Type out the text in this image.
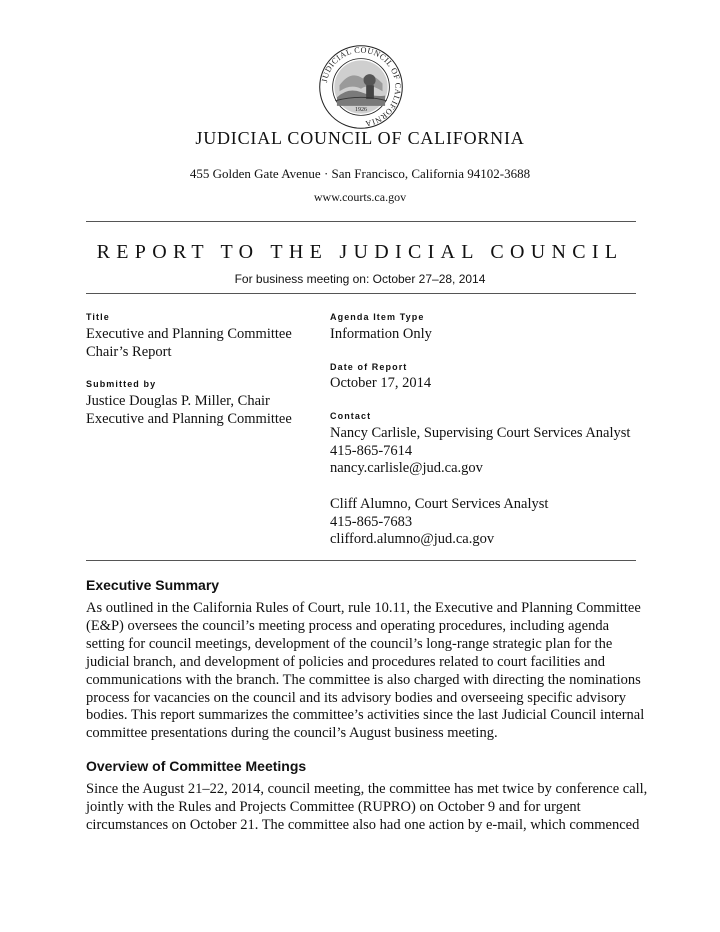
JUDICIAL COUNCIL OF CALIFORNIA
1926
JUDICIAL COUNCIL OF CALIFORNIA
455 Golden Gate Avenue · San Francisco, California 94102-3688
www.courts.ca.gov
REPORT TO THE JUDICIAL COUNCIL
For business meeting on: October 27–28, 2014
Title
Executive and Planning Committee
Chair’s Report
Submitted by
Justice Douglas P. Miller, Chair
Executive and Planning Committee
Agenda Item Type
Information Only
Date of Report
October 17, 2014
Contact
Nancy Carlisle, Supervising Court Services Analyst
415-865-7614
nancy.carlisle@jud.ca.gov
Cliff Alumno, Court Services Analyst
415-865-7683
clifford.alumno@jud.ca.gov
Executive Summary
As outlined in the California Rules of Court, rule 10.11, the Executive and Planning Committee
(E&P) oversees the council’s meeting process and operating procedures, including agenda
setting for council meetings, development of the council’s long-range strategic plan for the
judicial branch, and development of policies and procedures related to court facilities and
communications with the branch. The committee is also charged with directing the nominations
process for vacancies on the council and its advisory bodies and overseeing specific advisory
bodies. This report summarizes the committee’s activities since the last Judicial Council internal
committee presentations during the council’s August business meeting.
Overview of Committee Meetings
Since the August 21–22, 2014, council meeting, the committee has met twice by conference call,
jointly with the Rules and Projects Committee (RUPRO) on October 9 and for urgent
circumstances on October 21. The committee also had one action by e-mail, which commenced
